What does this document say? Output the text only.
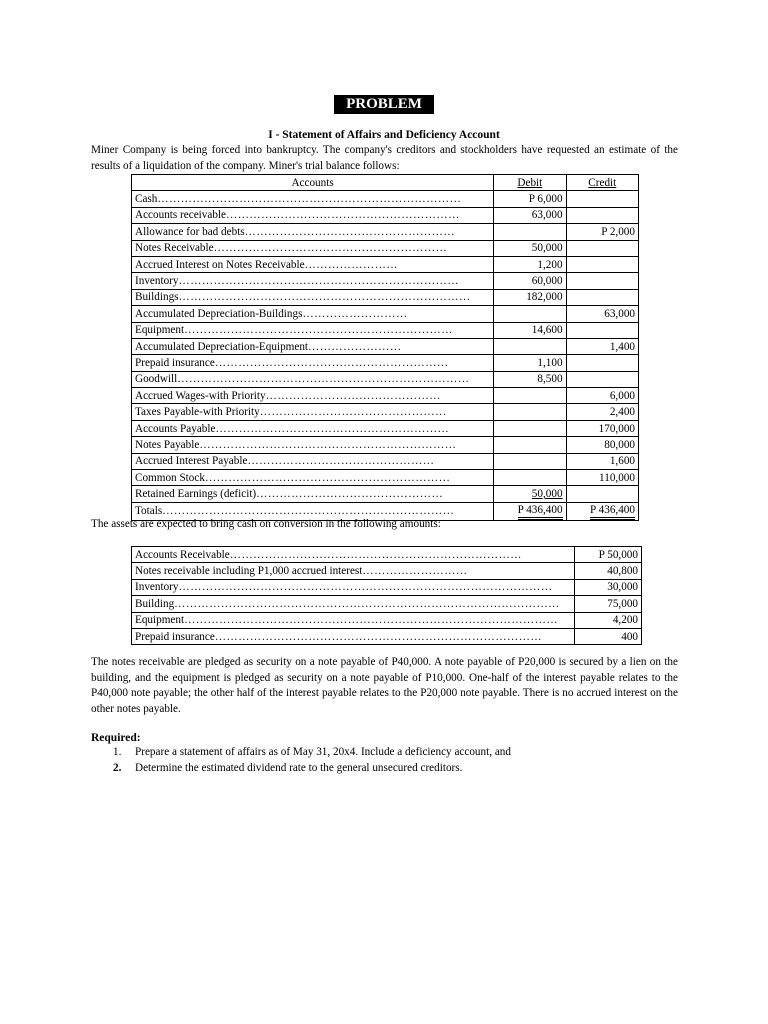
PROBLEM
I - Statement of Affairs and Deficiency Account
Miner Company is being forced into bankruptcy. The company's creditors and stockholders have requested an estimate of the results of a liquidation of the company. Miner's trial balance follows:
Accounts	Debit	Credit
Cash……………………………………………………………………	P 6,000	
Accounts receivable……………………………………………………	63,000	
Allowance for bad debts………………………………………………		P 2,000
Notes Receivable……………………………………………………	50,000	
Accrued Interest on Notes Receivable……………………	1,200	
Inventory………………………………………………………………	60,000	
Buildings…………………………………………………………………	182,000	
Accumulated Depreciation-Buildings………………………		63,000
Equipment……………………………………………………………	14,600	
Accumulated Depreciation-Equipment……………………		1,400
Prepaid insurance……………………………………………………	1,100	
Goodwill…………………………………………………………………	8,500	
Accrued Wages-with Priority………………………………………		6,000
Taxes Payable-with Priority…………………………………………		2,400
Accounts Payable……………………………………………………		170,000
Notes Payable…………………………………………………………		80,000
Accrued Interest Payable…………………………………………		1,600
Common Stock………………………………………………………		110,000
Retained Earnings (deficit)…………………………………………	50,000	
Totals…………………………………………………………………	P 436,400	P 436,400
The assets are expected to bring cash on conversion in the following amounts:
Accounts Receivable…………………………………………………………………	P 50,000
Notes receivable including P1,000 accrued interest………………………	40,800
Inventory……………………………………………………………………………………	30,000
Building………………………………………………………………………………………	75,000
Equipment……………………………………………………………………………………	4,200
Prepaid insurance…………………………………………………………………………	400
The notes receivable are pledged as security on a note payable of P40,000. A note payable of P20,000 is secured by a lien on the building, and the equipment is pledged as security on a note payable of P10,000. One-half of the interest payable relates to the P40,000 note payable; the other half of the interest payable relates to the P20,000 note payable. There is no accrued interest on the other notes payable.
Required:
1. Prepare a statement of affairs as of May 31, 20x4. Include a deficiency account, and
2. Determine the estimated dividend rate to the general unsecured creditors.
